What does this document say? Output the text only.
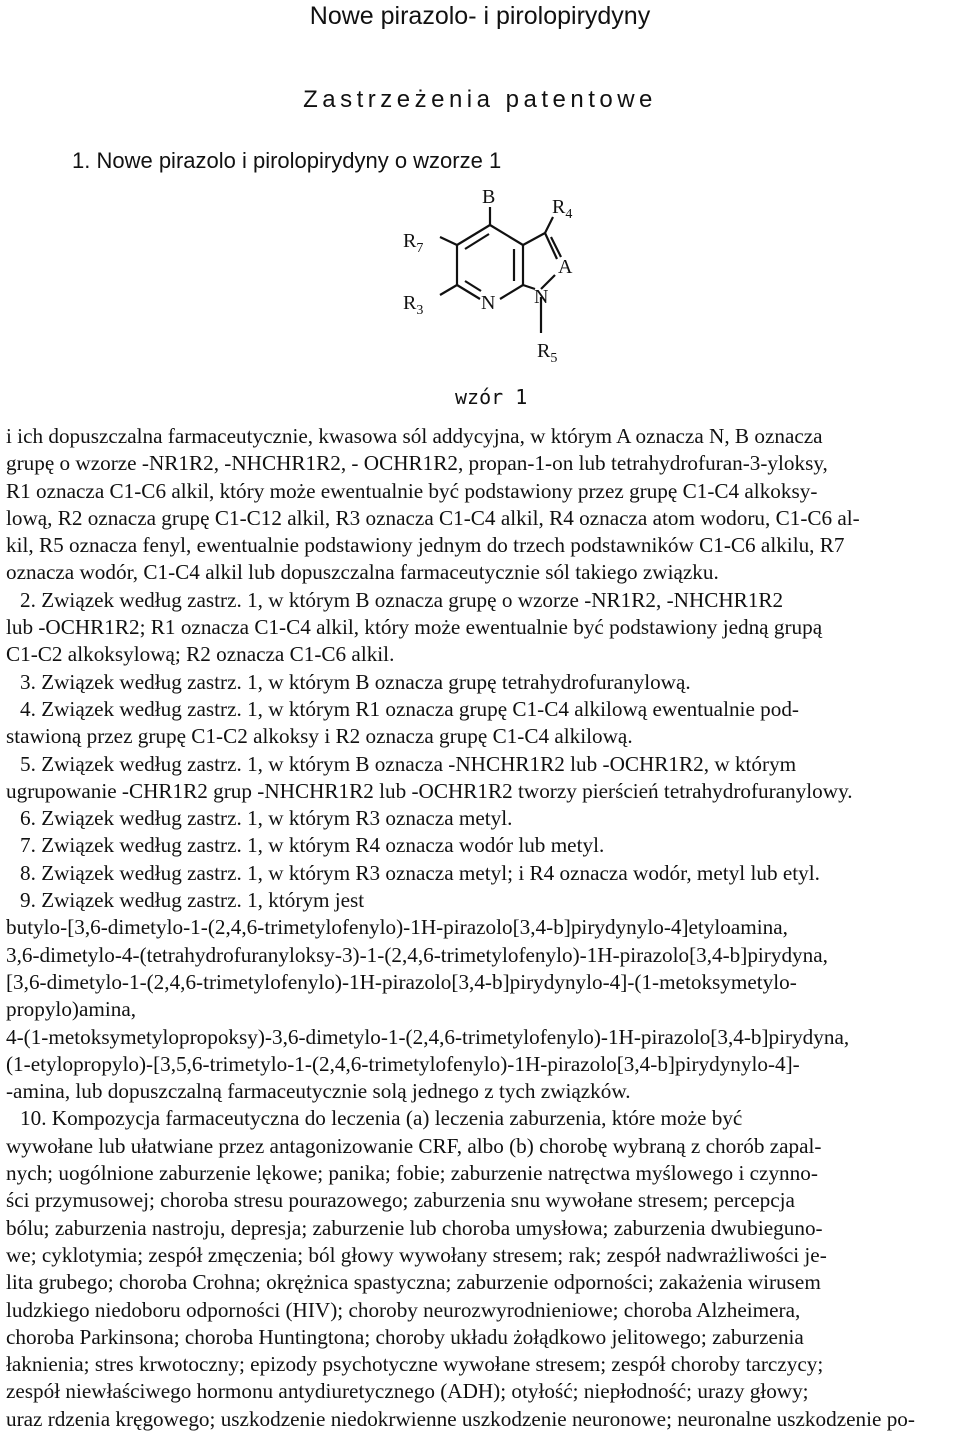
Nowe pirazolo- i pirolopirydyny
Zastrzeżenia patentowe
1. Nowe pirazolo i pirolopirydyny o wzorze 1
B
$R_7$
$R_4$
A
N N
$R_3$
$R_5$
wzór 1

i ich dopuszczalna farmaceutycznie, kwasowa sól addycyjna, w którym A oznacza N, B oznacza

grupę o wzorze -NR1R2, -NHCHR1R2, - OCHR1R2, propan-1-on lub tetrahydrofuran-3-yloksy,

R1 oznacza C1-C6 alkil, który może ewentualnie być podstawiony przez grupę C1-C4 alkoksy-

lową, R2 oznacza grupę C1-C12 alkil, R3 oznacza C1-C4 alkil, R4 oznacza atom wodoru, C1-C6 al-

kil, R5 oznacza fenyl, ewentualnie podstawiony jednym do trzech podstawników C1-C6 alkilu, R7

oznacza wodór, C1-C4 alkil lub dopuszczalna farmaceutycznie sól takiego związku.

2. Związek według zastrz. 1, w którym B oznacza grupę o wzorze -NR1R2, -NHCHR1R2

lub -OCHR1R2; R1 oznacza C1-C4 alkil, który może ewentualnie być podstawiony jedną grupą

C1-C2 alkoksylową; R2 oznacza C1-C6 alkil.

3. Związek według zastrz. 1, w którym B oznacza grupę tetrahydrofuranylową.

4. Związek według zastrz. 1, w którym R1 oznacza grupę C1-C4 alkilową ewentualnie pod-

stawioną przez grupę C1-C2 alkoksy i R2 oznacza grupę C1-C4 alkilową.

5. Związek według zastrz. 1, w którym B oznacza -NHCHR1R2 lub -OCHR1R2, w którym

ugrupowanie -CHR1R2 grup -NHCHR1R2 lub -OCHR1R2 tworzy pierścień tetrahydrofuranylowy.

6. Związek według zastrz. 1, w którym R3 oznacza metyl.

7. Związek według zastrz. 1, w którym R4 oznacza wodór lub metyl.

8. Związek według zastrz. 1, w którym R3 oznacza metyl; i R4 oznacza wodór, metyl lub etyl.

9. Związek według zastrz. 1, którym jest

butylo-[3,6-dimetylo-1-(2,4,6-trimetylofenylo)-1H-pirazolo[3,4-b]pirydynylo-4]etyloamina,

3,6-dimetylo-4-(tetrahydrofuranyloksy-3)-1-(2,4,6-trimetylofenylo)-1H-pirazolo[3,4-b]pirydyna,

[3,6-dimetylo-1-(2,4,6-trimetylofenylo)-1H-pirazolo[3,4-b]pirydynylo-4]-(1-metoksymetylo-

propylo)amina,

4-(1-metoksymetylopropoksy)-3,6-dimetylo-1-(2,4,6-trimetylofenylo)-1H-pirazolo[3,4-b]pirydyna,

(1-etylopropylo)-[3,5,6-trimetylo-1-(2,4,6-trimetylofenylo)-1H-pirazolo[3,4-b]pirydynylo-4]-

-amina, lub dopuszczalną farmaceutycznie solą jednego z tych związków.

10. Kompozycja farmaceutyczna do leczenia (a) leczenia zaburzenia, które może być

wywołane lub ułatwiane przez antagonizowanie CRF, albo (b) chorobę wybraną z chorób zapal-

nych; uogólnione zaburzenie lękowe; panika; fobie; zaburzenie natręctwa myślowego i czynno-

ści przymusowej; choroba stresu pourazowego; zaburzenia snu wywołane stresem; percepcja

bólu; zaburzenia nastroju, depresja; zaburzenie lub choroba umysłowa; zaburzenia dwubieguno-

we; cyklotymia; zespół zmęczenia; ból głowy wywołany stresem; rak; zespół nadwrażliwości je-

lita grubego; choroba Crohna; okrężnica spastyczna; zaburzenie odporności; zakażenia wirusem

ludzkiego niedoboru odporności (HIV); choroby neurozwyrodnieniowe; choroba Alzheimera,

choroba Parkinsona; choroba Huntingtona; choroby układu żołądkowo jelitowego; zaburzenia

łaknienia; stres krwotoczny; epizody psychotyczne wywołane stresem; zespół choroby tarczycy;

zespół niewłaściwego hormonu antydiuretycznego (ADH); otyłość; niepłodność; urazy głowy;

uraz rdzenia kręgowego; uszkodzenie niedokrwienne uszkodzenie neuronowe; neuronalne uszkodzenie po-
